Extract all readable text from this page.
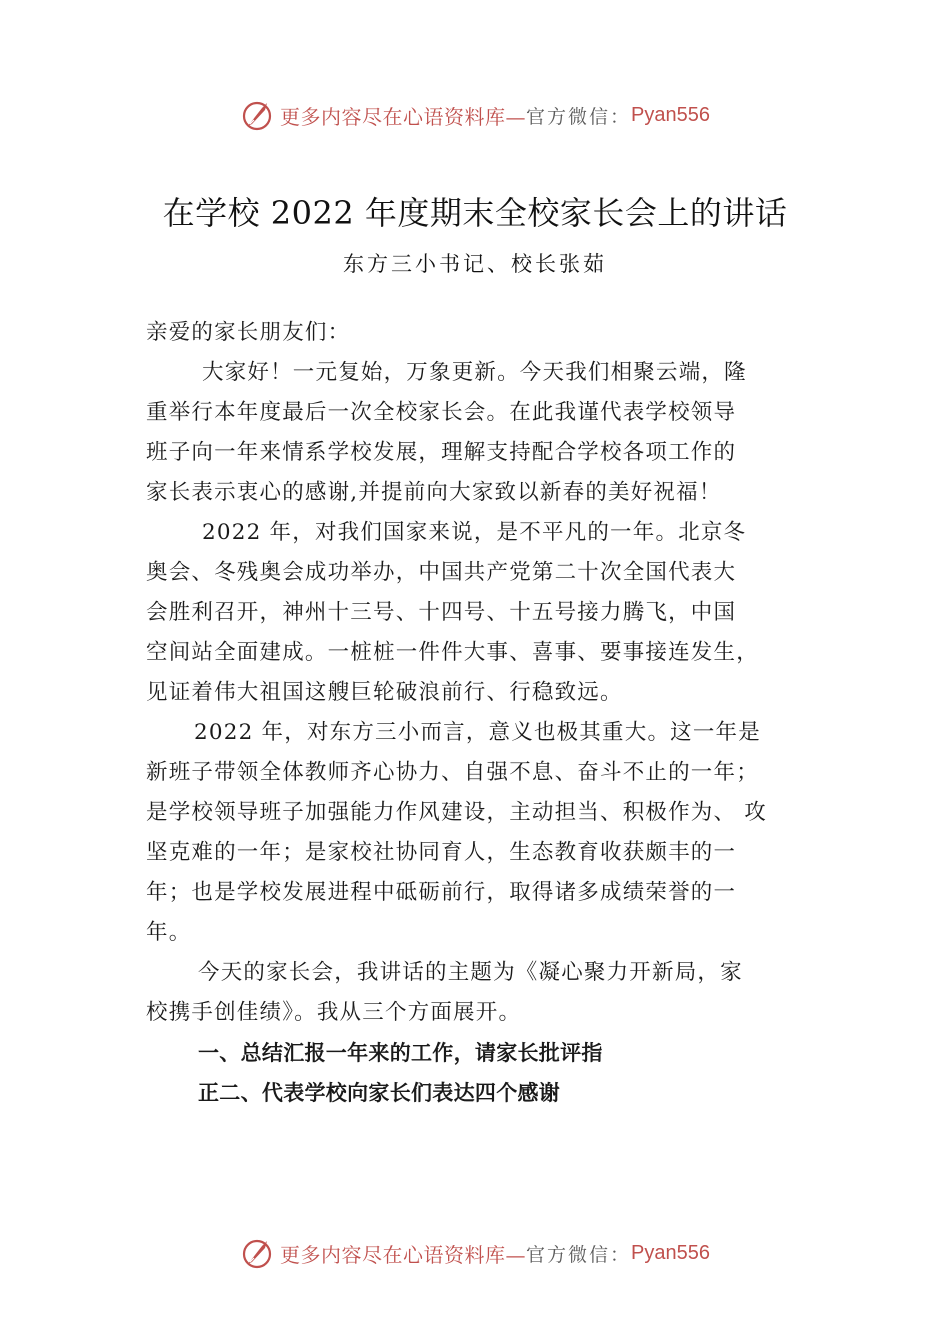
更多内容尽在心语资料库— 官方微信： Pyan556
在学校 2022 年度期末全校家长会上的讲话
东方三小书记、校长张茹
亲爱的家长朋友们：
大家好！一元复始，万象更新。今天我们相聚云端，隆
重举行本年度最后一次全校家长会。在此我谨代表学校领导
班子向一年来情系学校发展，理解支持配合学校各项工作的
家长表示衷心的感谢,并提前向大家致以新春的美好祝福！
2022 年，对我们国家来说，是不平凡的一年。北京冬
奥会、冬残奥会成功举办，中国共产党第二十次全国代表大
会胜利召开，神州十三号、十四号、十五号接力腾飞，中国
空间站全面建成。一桩桩一件件大事、喜事、要事接连发生，
见证着伟大祖国这艘巨轮破浪前行、行稳致远。
2022 年，对东方三小而言，意义也极其重大。这一年是
新班子带领全体教师齐心协力、自强不息、奋斗不止的一年；
是学校领导班子加强能力作风建设，主动担当、积极作为、 攻
坚克难的一年；是家校社协同育人，生态教育收获颇丰的一
年；也是学校发展进程中砥砺前行，取得诸多成绩荣誉的一
年。
今天的家长会，我讲话的主题为《凝心聚力开新局，家
校携手创佳绩》。我从三个方面展开。
一、总结汇报一年来的工作，请家长批评指
正二、代表学校向家长们表达四个感谢
更多内容尽在心语资料库— 官方微信： Pyan556
